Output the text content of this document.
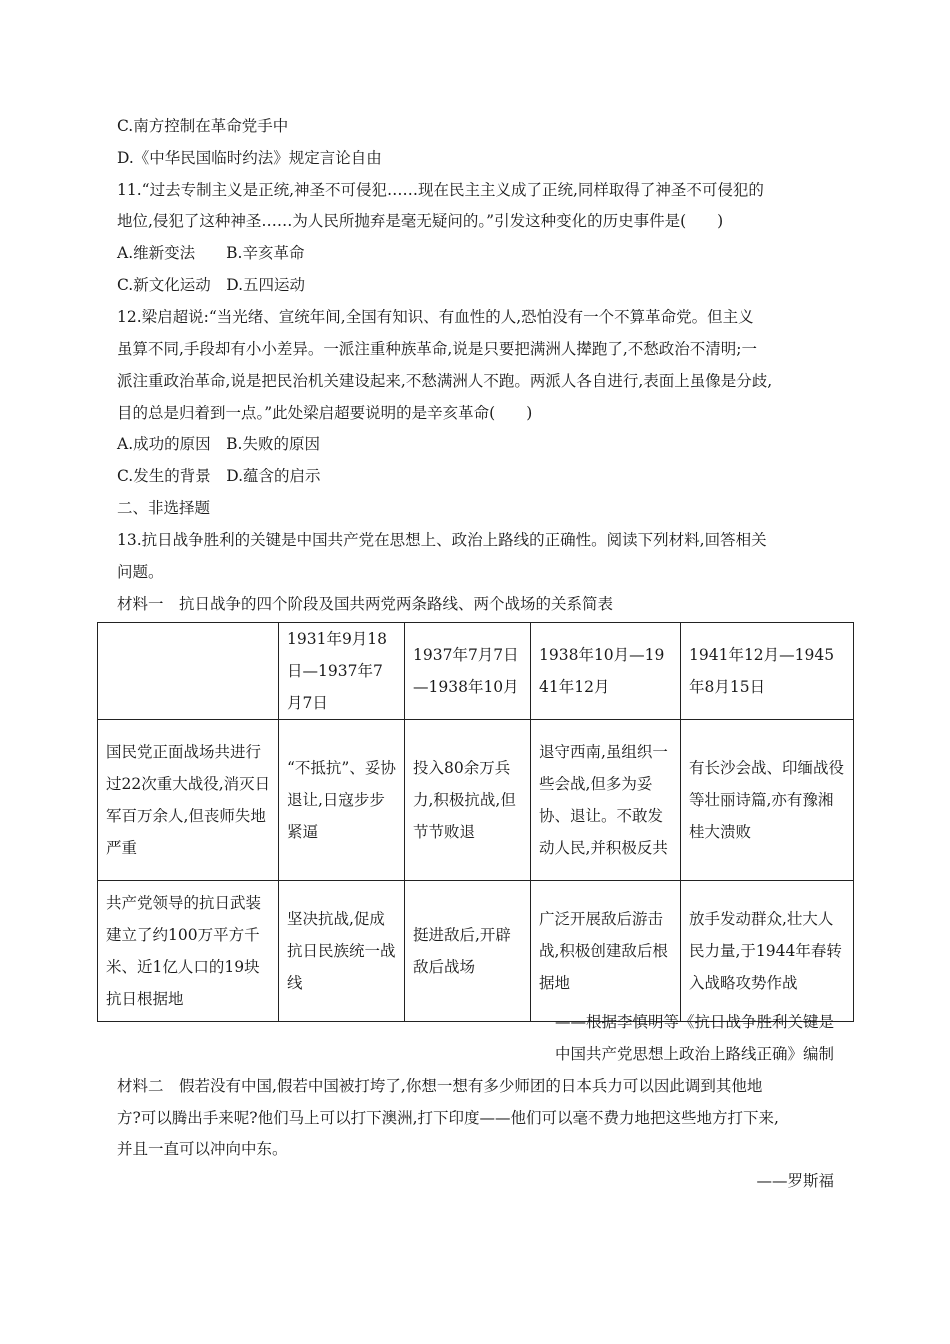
C.南方控制在革命党手中
D.《中华民国临时约法》规定言论自由
11.“过去专制主义是正统,神圣不可侵犯……现在民主主义成了正统,同样取得了神圣不可侵犯的
地位,侵犯了这种神圣……为人民所抛弃是毫无疑问的。”引发这种变化的历史事件是(　　)
A.维新变法　　B.辛亥革命
C.新文化运动　D.五四运动
12.梁启超说:“当光绪、宣统年间,全国有知识、有血性的人,恐怕没有一个不算革命党。但主义
虽算不同,手段却有小小差异。一派注重种族革命,说是只要把满洲人撵跑了,不愁政治不清明;一
派注重政治革命,说是把民治机关建设起来,不愁满洲人不跑。两派人各自进行,表面上虽像是分歧,
目的总是归着到一点。”此处梁启超要说明的是辛亥革命(　　)
A.成功的原因　B.失败的原因
C.发生的背景　D.蕴含的启示
二、非选择题
13.抗日战争胜利的关键是中国共产党在思想上、政治上路线的正确性。阅读下列材料,回答相关
问题。
材料一　抗日战争的四个阶段及国共两党两条路线、两个战场的关系简表
	1931年9月18日—1937年7月7日	1937年7月7日—1938年10月	1938年10月—1941年12月	1941年12月—1945年8月15日
国民党正面战场共进行过22次重大战役,消灭日军百万余人,但丧师失地严重	“不抵抗”、妥协退让,日寇步步紧逼	投入80余万兵力,积极抗战,但节节败退	退守西南,虽组织一些会战,但多为妥协、退让。不敢发动人民,并积极反共	有长沙会战、印缅战役等壮丽诗篇,亦有豫湘桂大溃败
共产党领导的抗日武装建立了约100万平方千米、近1亿人口的19块抗日根据地	坚决抗战,促成抗日民族统一战线	挺进敌后,开辟敌后战场	广泛开展敌后游击战,积极创建敌后根据地	放手发动群众,壮大人民力量,于1944年春转入战略攻势作战
——根据李慎明等《抗日战争胜利关键是
中国共产党思想上政治上路线正确》编制
材料二　假若没有中国,假若中国被打垮了,你想一想有多少师团的日本兵力可以因此调到其他地
方?可以腾出手来呢?他们马上可以打下澳洲,打下印度——他们可以毫不费力地把这些地方打下来,
并且一直可以冲向中东。
——罗斯福
